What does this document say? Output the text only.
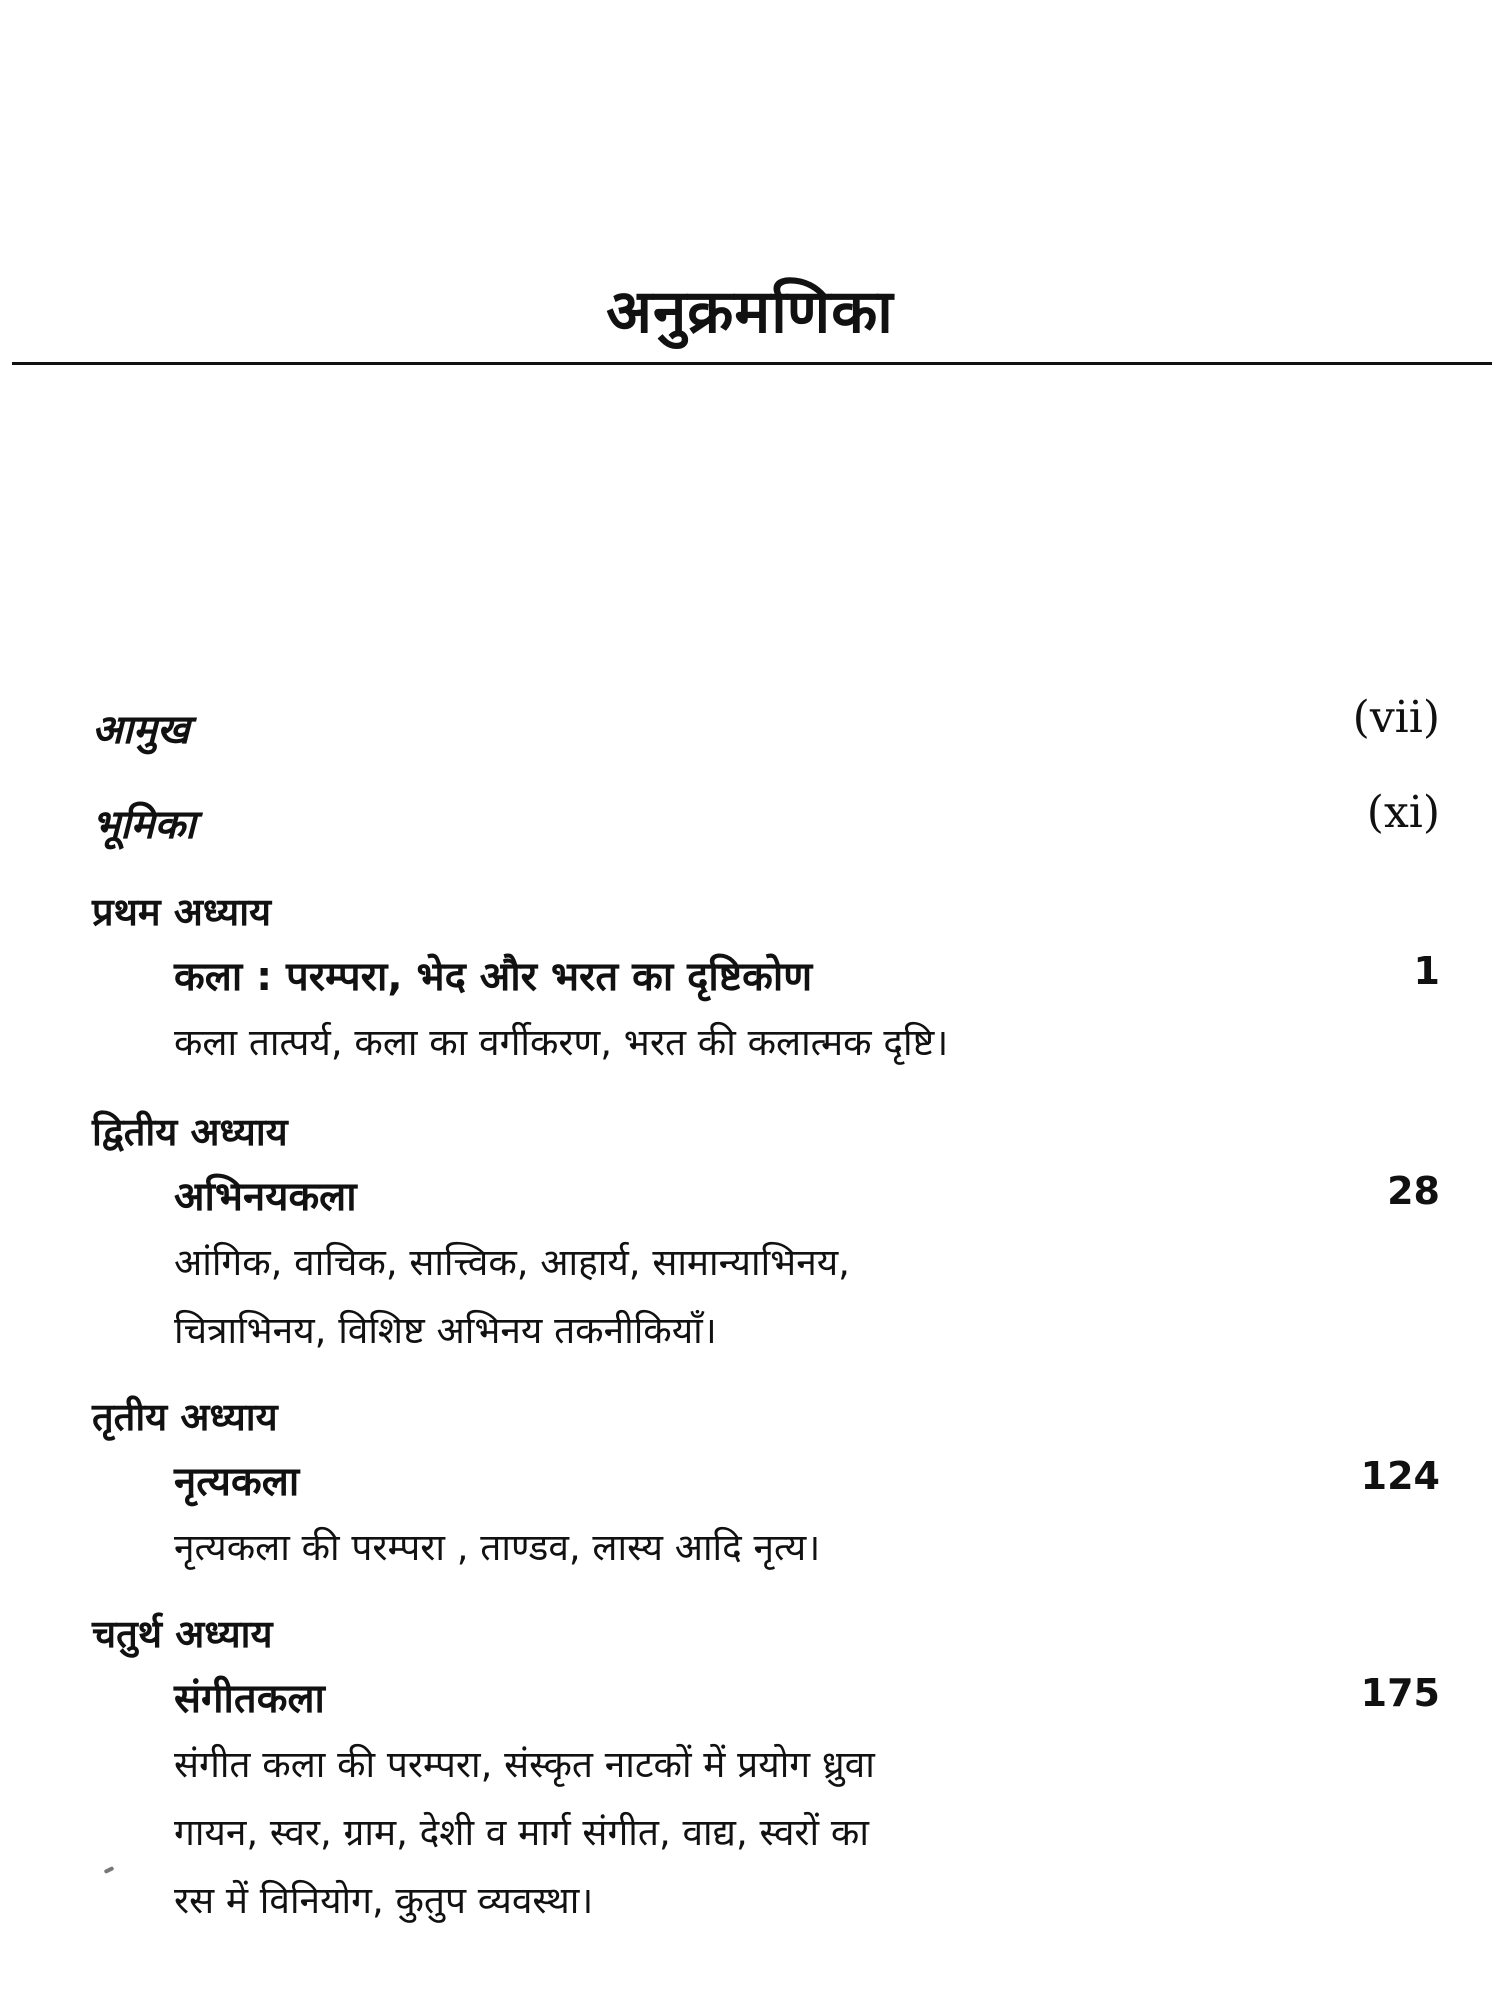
अनुक्रमणिका
आमुख	(vii)
भूमिका	(xi)
प्रथम अध्याय
कला : परम्परा, भेद और भरत का दृष्टिकोण	1
कला तात्पर्य, कला का वर्गीकरण, भरत की कलात्मक दृष्टि।
द्वितीय अध्याय
अभिनयकला	28
आंगिक, वाचिक, सात्त्विक, आहार्य, सामान्याभिनय,
चित्राभिनय, विशिष्ट अभिनय तकनीकियाँ।
तृतीय अध्याय
नृत्यकला	124
नृत्यकला की परम्परा , ताण्डव, लास्य आदि नृत्य।
चतुर्थ अध्याय
संगीतकला	175
संगीत कला की परम्परा, संस्कृत नाटकों में प्रयोग ध्रुवा
गायन, स्वर, ग्राम, देशी व मार्ग संगीत, वाद्य, स्वरों का
रस में विनियोग, कुतुप व्यवस्था।
